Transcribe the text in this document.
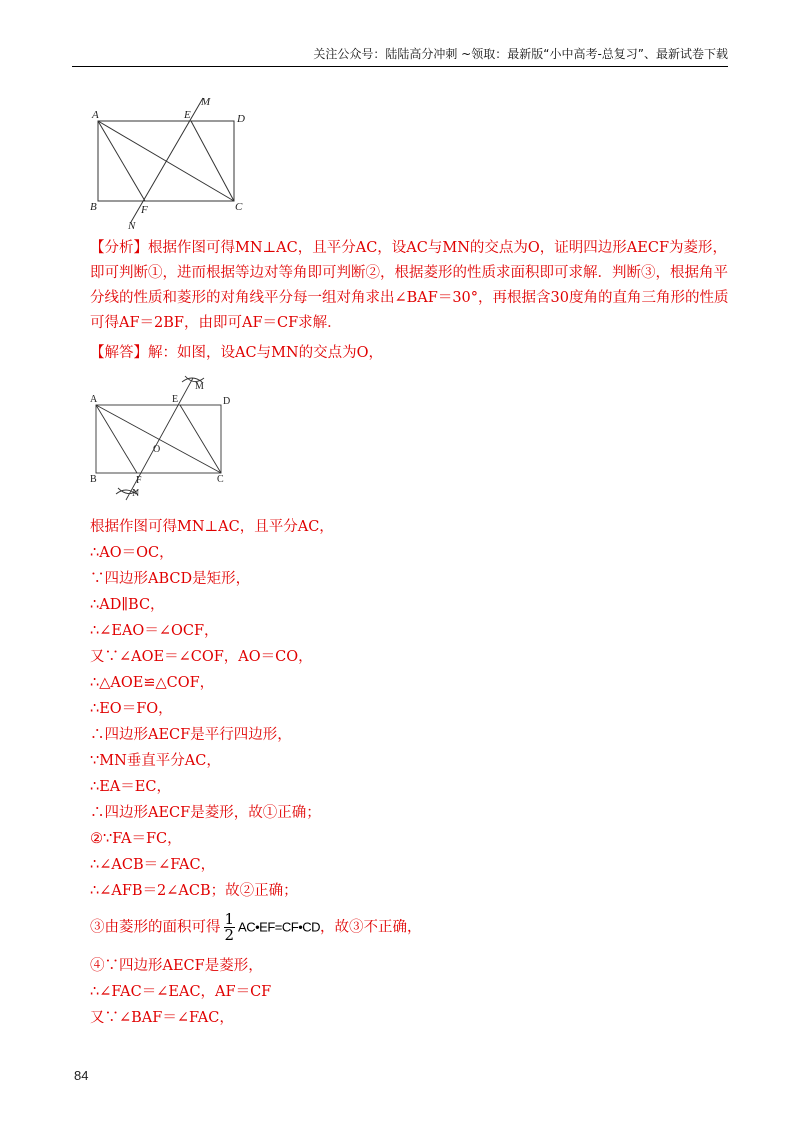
关注公众号：陆陆高分冲刺 ~领取：最新版“小中高考-总复习”、最新试卷下载
A	E
M
D
B	F	C
N
【分析】根据作图可得MN⊥AC，且平分AC，设AC与MN的交点为O，证明四边形AECF为菱形，即可判断①，进而根据等边对等角即可判断②，根据菱形的性质求面积即可求解．判断③，根据角平分线的性质和菱形的对角线平分每一组对角求出∠BAF＝30°，再根据含30度角的直角三角形的性质可得AF＝2BF，由即可AF＝CF求解．
【解答】解：如图，设AC与MN的交点为O，
A	E
M
D
O
B	F	C
N
根据作图可得MN⊥AC，且平分AC，
∴AO＝OC，
∵四边形ABCD是矩形，
∴AD∥BC，
∴∠EAO＝∠OCF，
又∵∠AOE＝∠COF，AO＝CO，
∴△AOE≌△COF，
∴EO＝FO，
∴四边形AECF是平行四边形，
∵MN垂直平分AC，
∴EA＝EC，
∴四边形AECF是菱形，故①正确；
②∵FA＝FC，
∴∠ACB＝∠FAC，
∴∠AFB＝2∠ACB；故②正确；
③由菱形的面积可得 $\frac{1}{2}$ AC•EF=CF•CD，故③不正确，
④∵四边形AECF是菱形，
∴∠FAC＝∠EAC，AF＝CF
又∵∠BAF＝∠FAC，
84
